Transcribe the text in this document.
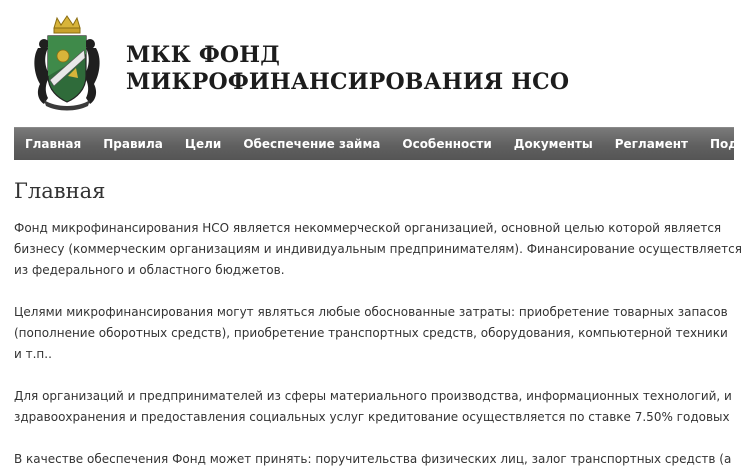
МКК ФОНД
МИКРОФИНАНСИРОВАНИЯ НСО
Главная	Правила	Цели	Обеспечение займа	Особенности	Документы	Регламент	Под
Главная

Фонд микрофинансирования НСО является некоммерческой организацией, основной целью которой является
бизнесу (коммерческим организациям и индивидуальным предпринимателям). Финансирование осуществляется
из федерального и областного бюджетов.

Целями микрофинансирования могут являться любые обоснованные затраты: приобретение товарных запасов
(пополнение оборотных средств), приобретение транспортных средств, оборудования, компьютерной техники
и т.п..

Для организаций и предпринимателей из сферы материального производства, информационных технологий, и
здравоохранения и предоставления социальных услуг кредитование осуществляется по ставке 7.50% годовых

В качестве обеспечения Фонд может принять: поручительства физических лиц, залог транспортных средств (а
